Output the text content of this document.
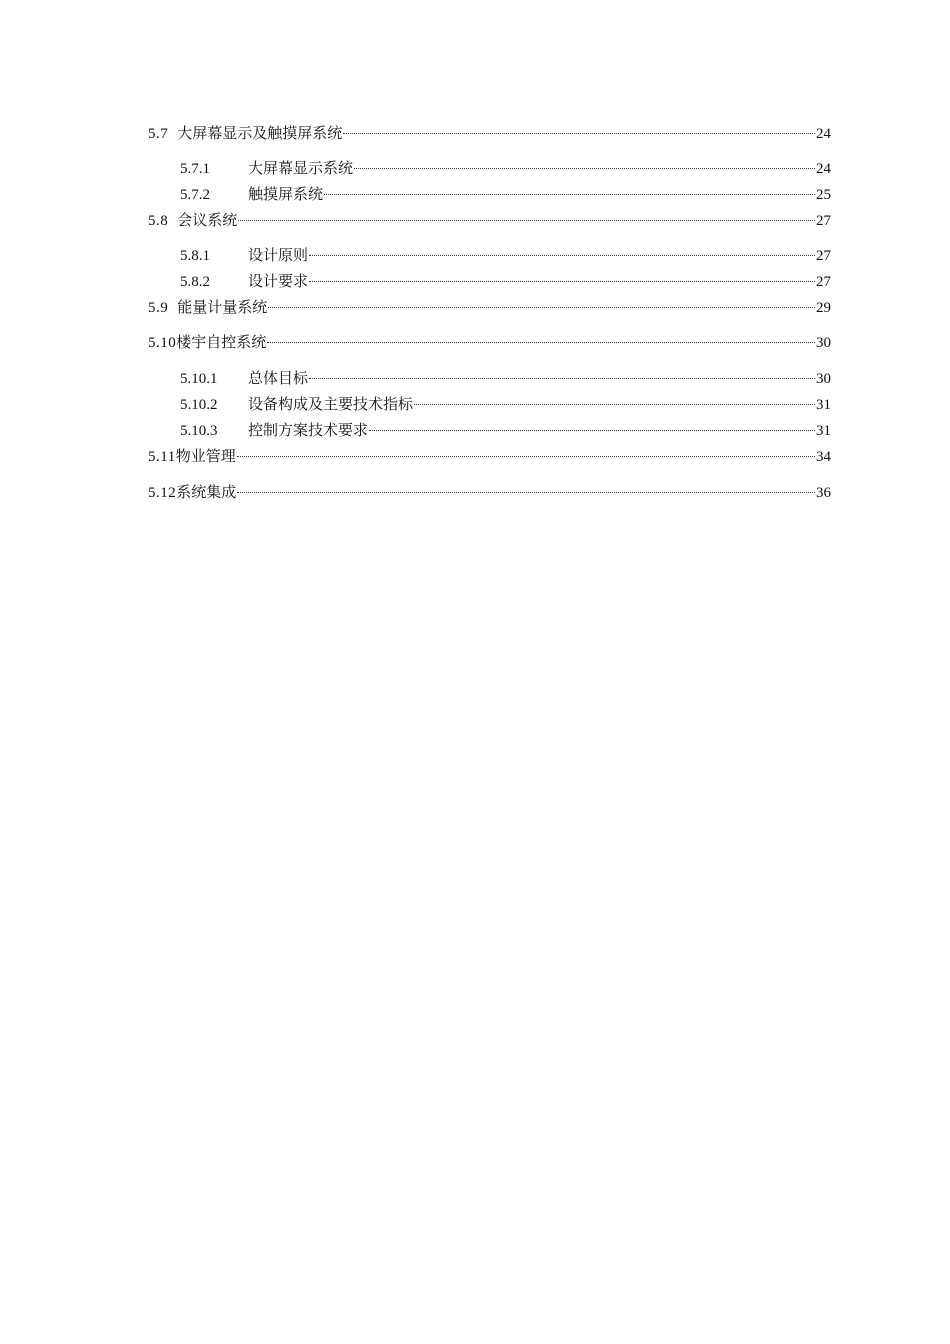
5.7 大屏幕显示及触摸屏系统	24
5.7.1	大屏幕显示系统	24
5.7.2	触摸屏系统	25
5.8 会议系统	27
5.8.1	设计原则	27
5.8.2	设计要求	27
5.9 能量计量系统	29
5.10 楼宇自控系统	30
5.10.1	总体目标	30
5.10.2	设备构成及主要技术指标	31
5.10.3	控制方案技术要求	31
5.11 物业管理	34
5.12 系统集成	36
